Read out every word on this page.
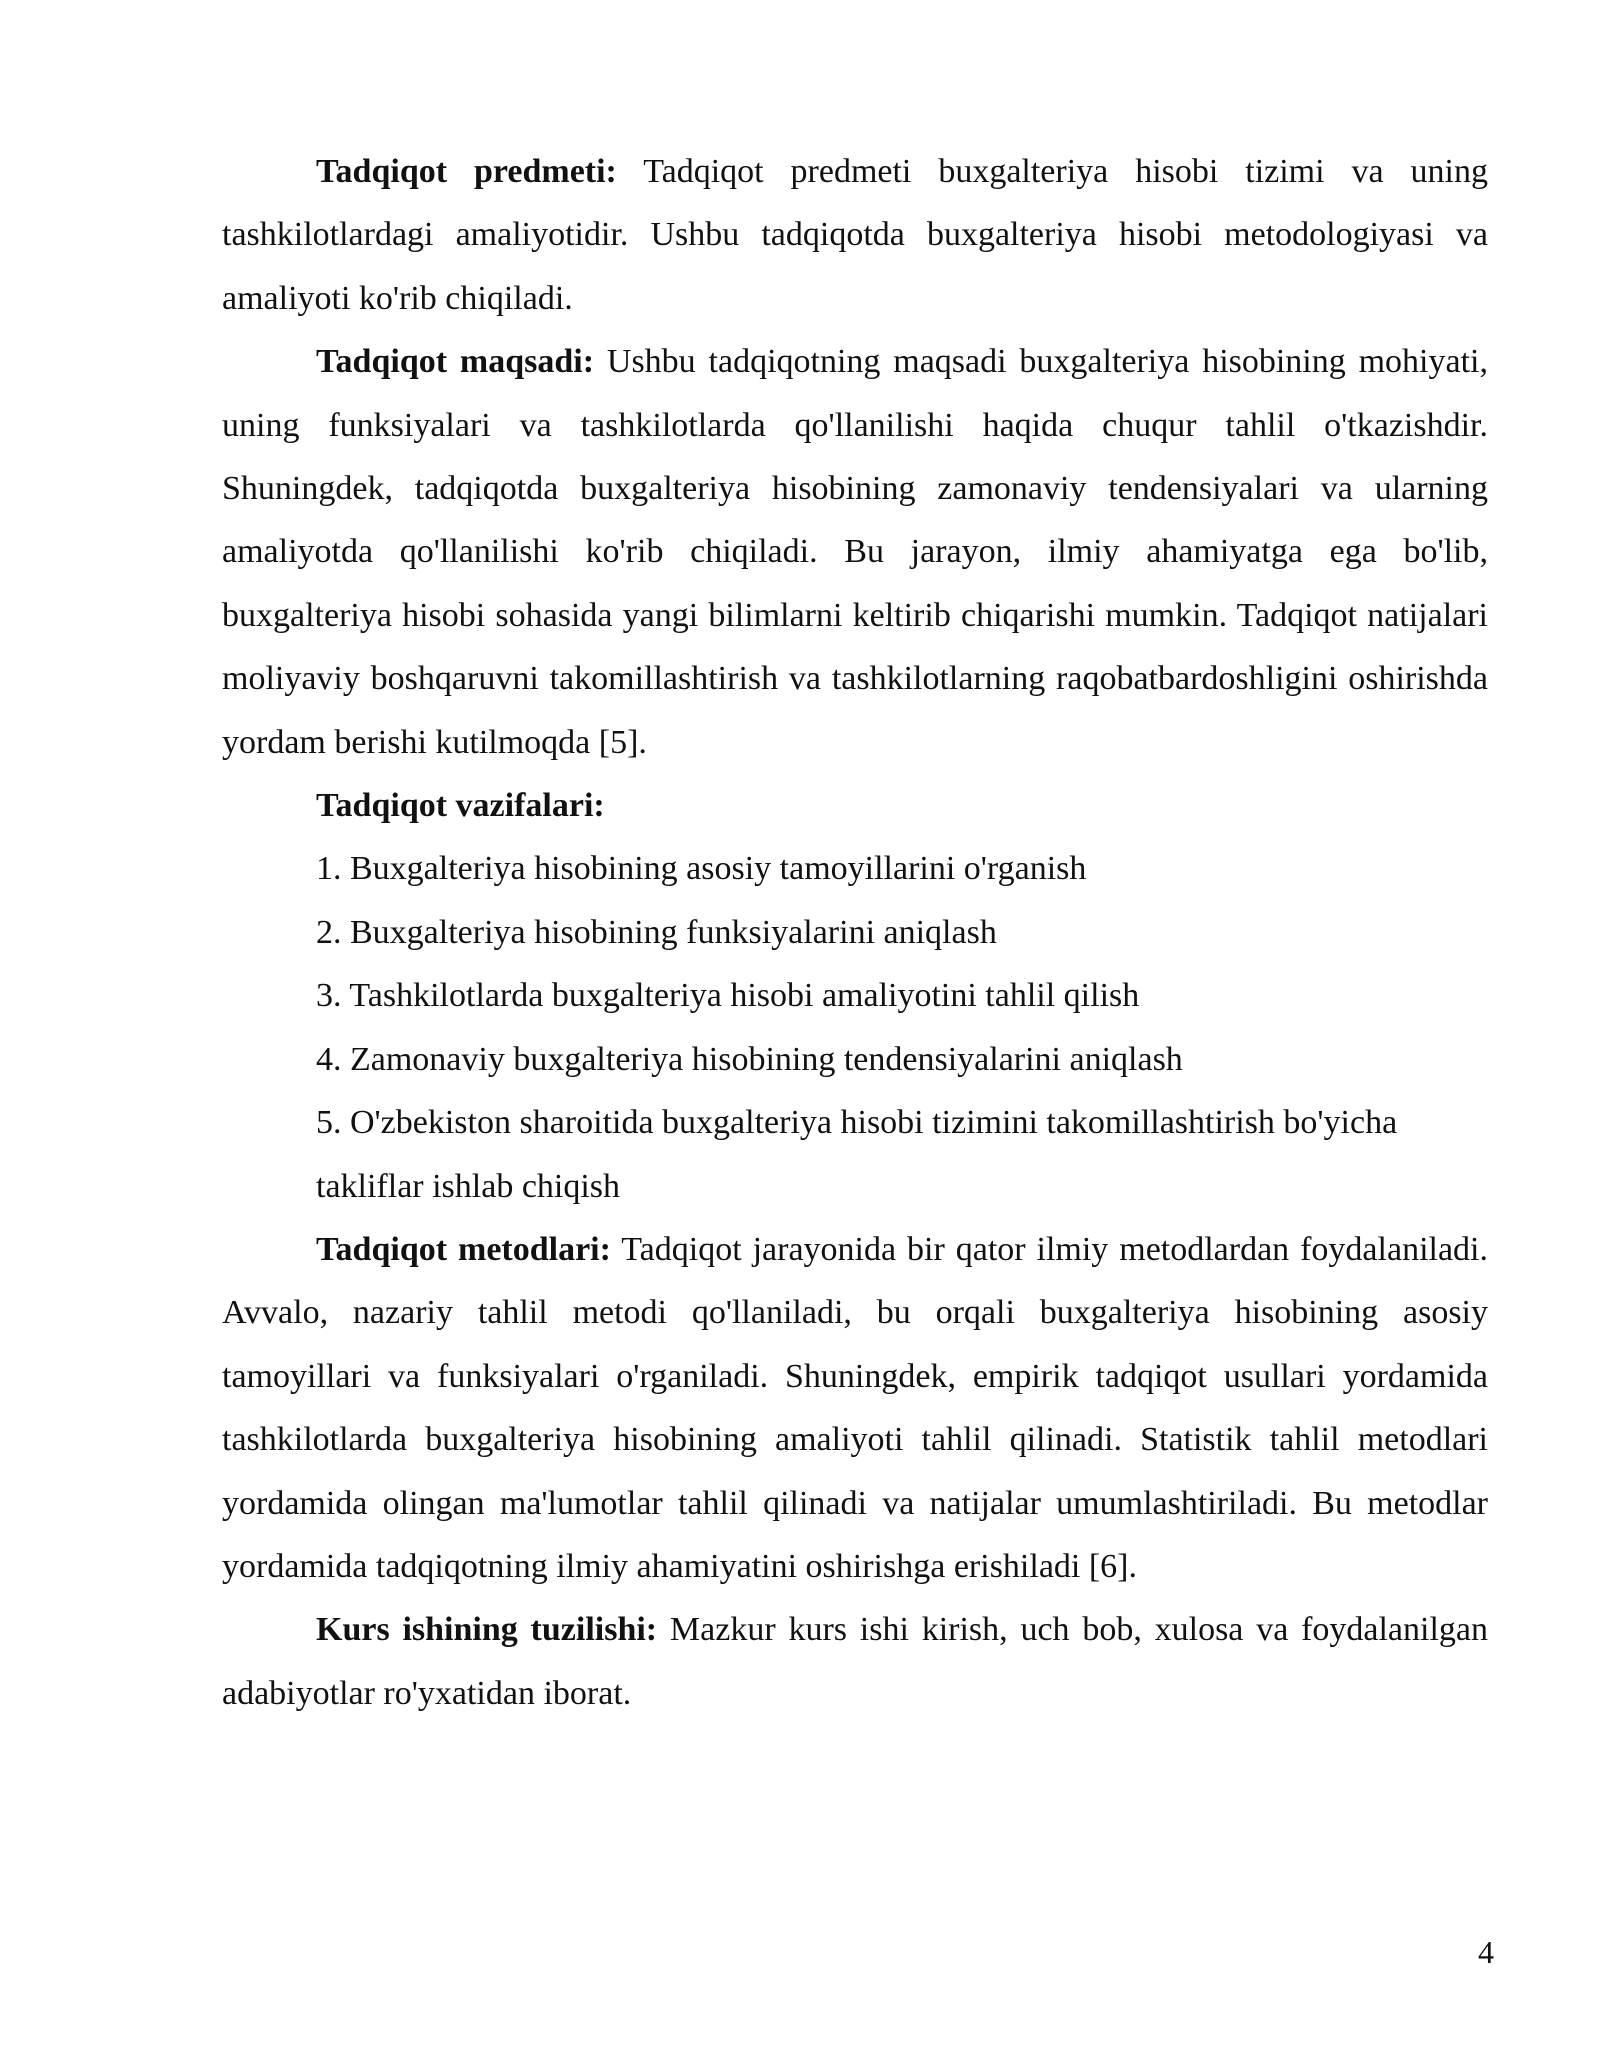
Tadqiqot predmeti: Tadqiqot predmeti buxgalteriya hisobi tizimi va uning tashkilotlardagi amaliyotidir. Ushbu tadqiqotda buxgalteriya hisobi metodologiyasi va amaliyoti ko'rib chiqiladi.

Tadqiqot maqsadi: Ushbu tadqiqotning maqsadi buxgalteriya hisobining mohiyati, uning funksiyalari va tashkilotlarda qo'llanilishi haqida chuqur tahlil o'tkazishdir. Shuningdek, tadqiqotda buxgalteriya hisobining zamonaviy tendensiyalari va ularning amaliyotda qo'llanilishi ko'rib chiqiladi. Bu jarayon, ilmiy ahamiyatga ega bo'lib, buxgalteriya hisobi sohasida yangi bilimlarni keltirib chiqarishi mumkin. Tadqiqot natijalari moliyaviy boshqaruvni takomillashtirish va tashkilotlarning raqobatbardoshligini oshirishda yordam berishi kutilmoqda [5].

Tadqiqot vazifalari:

1. Buxgalteriya hisobining asosiy tamoyillarini o'rganish

2. Buxgalteriya hisobining funksiyalarini aniqlash

3. Tashkilotlarda buxgalteriya hisobi amaliyotini tahlil qilish

4. Zamonaviy buxgalteriya hisobining tendensiyalarini aniqlash

5. O'zbekiston sharoitida buxgalteriya hisobi tizimini takomillashtirish bo'yicha takliflar ishlab chiqish

Tadqiqot metodlari: Tadqiqot jarayonida bir qator ilmiy metodlardan foydalaniladi. Avvalo, nazariy tahlil metodi qo'llaniladi, bu orqali buxgalteriya hisobining asosiy tamoyillari va funksiyalari o'rganiladi. Shuningdek, empirik tadqiqot usullari yordamida tashkilotlarda buxgalteriya hisobining amaliyoti tahlil qilinadi. Statistik tahlil metodlari yordamida olingan ma'lumotlar tahlil qilinadi va natijalar umumlashtiriladi. Bu metodlar yordamida tadqiqotning ilmiy ahamiyatini oshirishga erishiladi [6].

Kurs ishining tuzilishi: Mazkur kurs ishi kirish, uch bob, xulosa va foydalanilgan adabiyotlar ro'yxatidan iborat.

4
